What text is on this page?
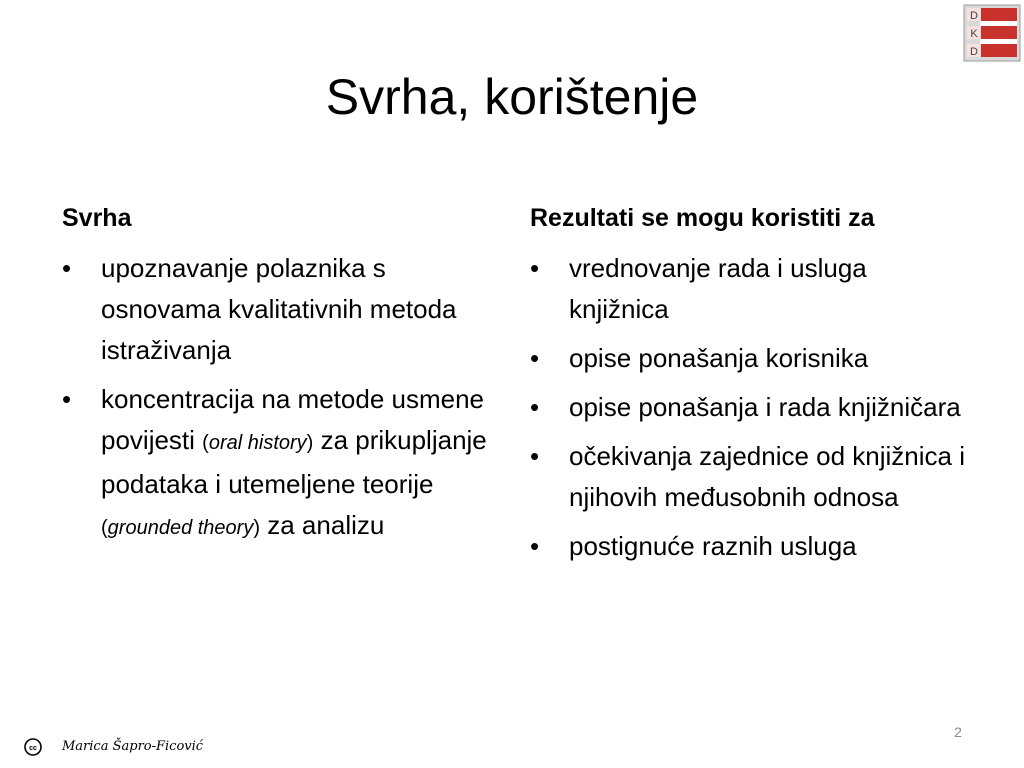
D
K
D
Svrha, korištenje
Svrha
• upoznavanje polaznika s osnovama kvalitativnih metoda istraživanja
• koncentracija na metode usmene povijesti (oral history) za prikupljanje podataka i utemeljene teorije (grounded theory) za analizu
Rezultati se mogu koristiti za
• vrednovanje rada i usluga knjižnica
• opise ponašanja korisnika
• opise ponašanja i rada knjižničara
• očekivanja zajednice od knjižnica i njihovih međusobnih odnosa
• postignuće raznih usluga
cc Marica Šapro-Ficović
2
